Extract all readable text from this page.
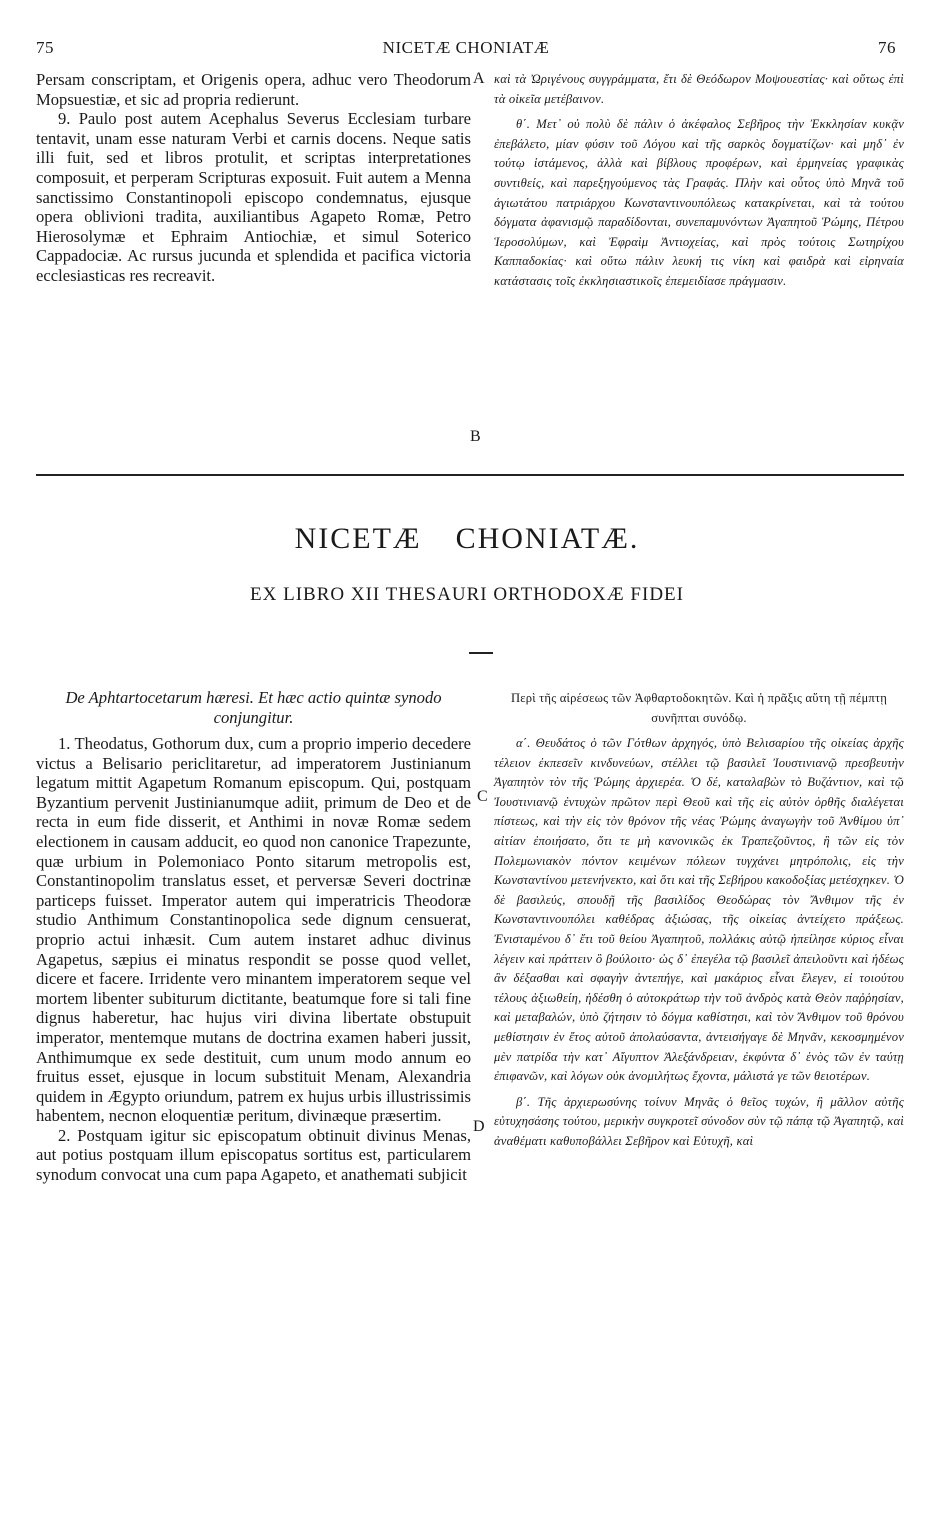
75	NICETÆ CHONIATÆ	76
A
B
C
D

Persam conscriptam, et Origenis opera, adhuc vero Theodorum Mopsuestiæ, et sic ad propria redierunt.

9. Paulo post autem Acephalus Severus Ecclesiam turbare tentavit, unam esse naturam Verbi et carnis docens. Neque satis illi fuit, sed et libros protulit, et scriptas interpretationes composuit, et perperam Scripturas exposuit. Fuit autem a Menna sanctissimo Constantinopoli episcopo condemnatus, ejusque opera oblivioni tradita, auxiliantibus Agapeto Romæ, Petro Hierosolymæ et Ephraim Antiochiæ, et simul Soterico Cappadociæ. Ac rursus jucunda et splendida et pacifica victoria ecclesiasticas res recreavit.

καὶ τὰ Ὠριγένους συγγράμματα, ἔτι δὲ Θεόδωρον Μοψουεστίας· καὶ οὕτως ἐπὶ τὰ οἰκεῖα μετέβαινον.

θ΄. Μετ᾽ οὐ πολὺ δὲ πάλιν ὁ ἀκέφαλος Σεβῆρος τὴν Ἐκκλησίαν κυκᾷν ἐπεβάλετο, μίαν φύσιν τοῦ Λόγου καὶ τῆς σαρκὸς δογματίζων· καὶ μηδ᾽ ἐν τούτῳ ἱστάμενος, ἀλλὰ καὶ βίβλους προφέρων, καὶ ἑρμηνείας γραφικὰς συντιθείς, καὶ παρεξηγούμενος τὰς Γραφάς. Πλὴν καὶ οὗτος ὑπὸ Μηνᾶ τοῦ ἁγιωτάτου πατριάρχου Κωνσταντινουπόλεως κατακρίνεται, καὶ τὰ τούτου δόγματα ἀφανισμῷ παραδίδονται, συνεπαμυνόντων Ἀγαπητοῦ Ῥώμης, Πέτρου Ἱεροσολύμων, καὶ Ἐφραὶμ Ἀντιοχείας, καὶ πρὸς τούτοις Σωτηρίχου Καππαδοκίας· καὶ οὕτω πάλιν λευκή τις νίκη καὶ φαιδρὰ καὶ εἰρηναία κατάστασις τοῖς ἐκκλησιαστικοῖς ἐπεμειδίασε πράγμασιν.

NICETÆ CHONIATÆ.
EX LIBRO XII THESAURI ORTHODOXÆ FIDEI

De Aphtartocetarum hæresi. Et hæc actio quintæ synodo conjungitur.

1. Theodatus, Gothorum dux, cum a proprio imperio decedere victus a Belisario periclitaretur, ad imperatorem Justinianum legatum mittit Agapetum Romanum episcopum. Qui, postquam Byzantium pervenit Justinianumque adiit, primum de Deo et de recta in eum fide disserit, et Anthimi in novæ Romæ sedem electionem in causam adducit, eo quod non canonice Trapezunte, quæ urbium in Polemoniaco Ponto sitarum metropolis est, Constantinopolim translatus esset, et perversæ Severi doctrinæ particeps fuisset. Imperator autem qui imperatricis Theodoræ studio Anthimum Constantinopolica sede dignum censuerat, proprio actui inhæsit. Cum autem instaret adhuc divinus Agapetus, sæpius ei minatus respondit se posse quod vellet, dicere et facere. Irridente vero minantem imperatorem seque vel mortem libenter subiturum dictitante, beatumque fore si tali fine dignus haberetur, hac hujus viri divina libertate obstupuit imperator, mentemque mutans de doctrina examen haberi jussit, Anthimumque ex sede destituit, cum unum modo annum eo fruitus esset, ejusque in locum substituit Menam, Alexandria quidem in Ægypto oriundum, patrem ex hujus urbis illustrissimis habentem, necnon eloquentiæ peritum, divinæque præsertim.

2. Postquam igitur sic episcopatum obtinuit divinus Menas, aut potius postquam illum episcopatus sortitus est, particularem synodum convocat una cum papa Agapeto, et anathemati subjicit

Περὶ τῆς αἱρέσεως τῶν Ἀφθαρτοδοκητῶν. Καὶ ἡ πρᾶξις αὕτη τῇ πέμπτῃ συνῆπται συνόδῳ.

α΄. Θευδάτος ὁ τῶν Γότθων ἀρχηγός, ὑπὸ Βελισαρίου τῆς οἰκείας ἀρχῆς τέλειον ἐκπεσεῖν κινδυνεύων, στέλλει τῷ βασιλεῖ Ἰουστινιανῷ πρεσβευτὴν Ἀγαπητὸν τὸν τῆς Ῥώμης ἀρχιερέα. Ὁ δέ, καταλαβὼν τὸ Βυζάντιον, καὶ τῷ Ἰουστινιανῷ ἐντυχὼν πρῶτον περὶ Θεοῦ καὶ τῆς εἰς αὐτὸν ὀρθῆς διαλέγεται πίστεως, καὶ τὴν εἰς τὸν θρόνον τῆς νέας Ῥώμης ἀναγωγὴν τοῦ Ἀνθίμου ὑπ᾽ αἰτίαν ἐποιήσατο, ὅτι τε μὴ κανονικῶς ἐκ Τραπεζοῦντος, ἣ τῶν εἰς τὸν Πολεμωνιακὸν πόντον κειμένων πόλεων τυγχάνει μητρόπολις, εἰς τὴν Κωνσταντίνου μετενήνεκτο, καὶ ὅτι καὶ τῆς Σεβήρου κακοδοξίας μετέσχηκεν. Ὁ δὲ βασιλεύς, σπουδῇ τῆς βασιλίδος Θεοδώρας τὸν Ἄνθιμον τῆς ἐν Κωνσταντινουπόλει καθέδρας ἀξιώσας, τῆς οἰκείας ἀντείχετο πράξεως. Ἐνισταμένου δ᾽ ἔτι τοῦ θείου Ἀγαπητοῦ, πολλάκις αὐτῷ ἠπείλησε κύριος εἶναι λέγειν καὶ πράττειν ὃ βούλοιτο· ὡς δ᾽ ἐπεγέλα τῷ βασιλεῖ ἀπειλοῦντι καὶ ἡδέως ἂν δέξασθαι καὶ σφαγὴν ἀντεπήγε, καὶ μακάριος εἶναι ἔλεγεν, εἰ τοιούτου τέλους ἀξιωθείη, ἠδέσθη ὁ αὐτοκράτωρ τὴν τοῦ ἀνδρὸς κατὰ Θεὸν παῤῥησίαν, καὶ μεταβαλών, ὑπὸ ζήτησιν τὸ δόγμα καθίστησι, καὶ τὸν Ἄνθιμον τοῦ θρόνου μεθίστησιν ἐν ἔτος αὐτοῦ ἀπολαύσαντα, ἀντεισήγαγε δὲ Μηνᾶν, κεκοσμημένον μὲν πατρίδα τὴν κατ᾽ Αἴγυπτον Ἀλεξάνδρειαν, ἐκφύντα δ᾽ ἑνὸς τῶν ἐν ταύτῃ ἐπιφανῶν, καὶ λόγων οὐκ ἀνομιλήτως ἔχοντα, μάλιστά γε τῶν θειοτέρων.

β΄. Τῆς ἀρχιερωσύνης τοίνυν Μηνᾶς ὁ θεῖος τυχών, ἢ μᾶλλον αὐτῆς εὐτυχησάσης τούτου, μερικὴν συγκροτεῖ σύνοδον σὺν τῷ πάπᾳ τῷ Ἀγαπητῷ, καὶ ἀναθέματι καθυποβάλλει Σεβῆρον καὶ Εὐτυχῆ, καὶ
